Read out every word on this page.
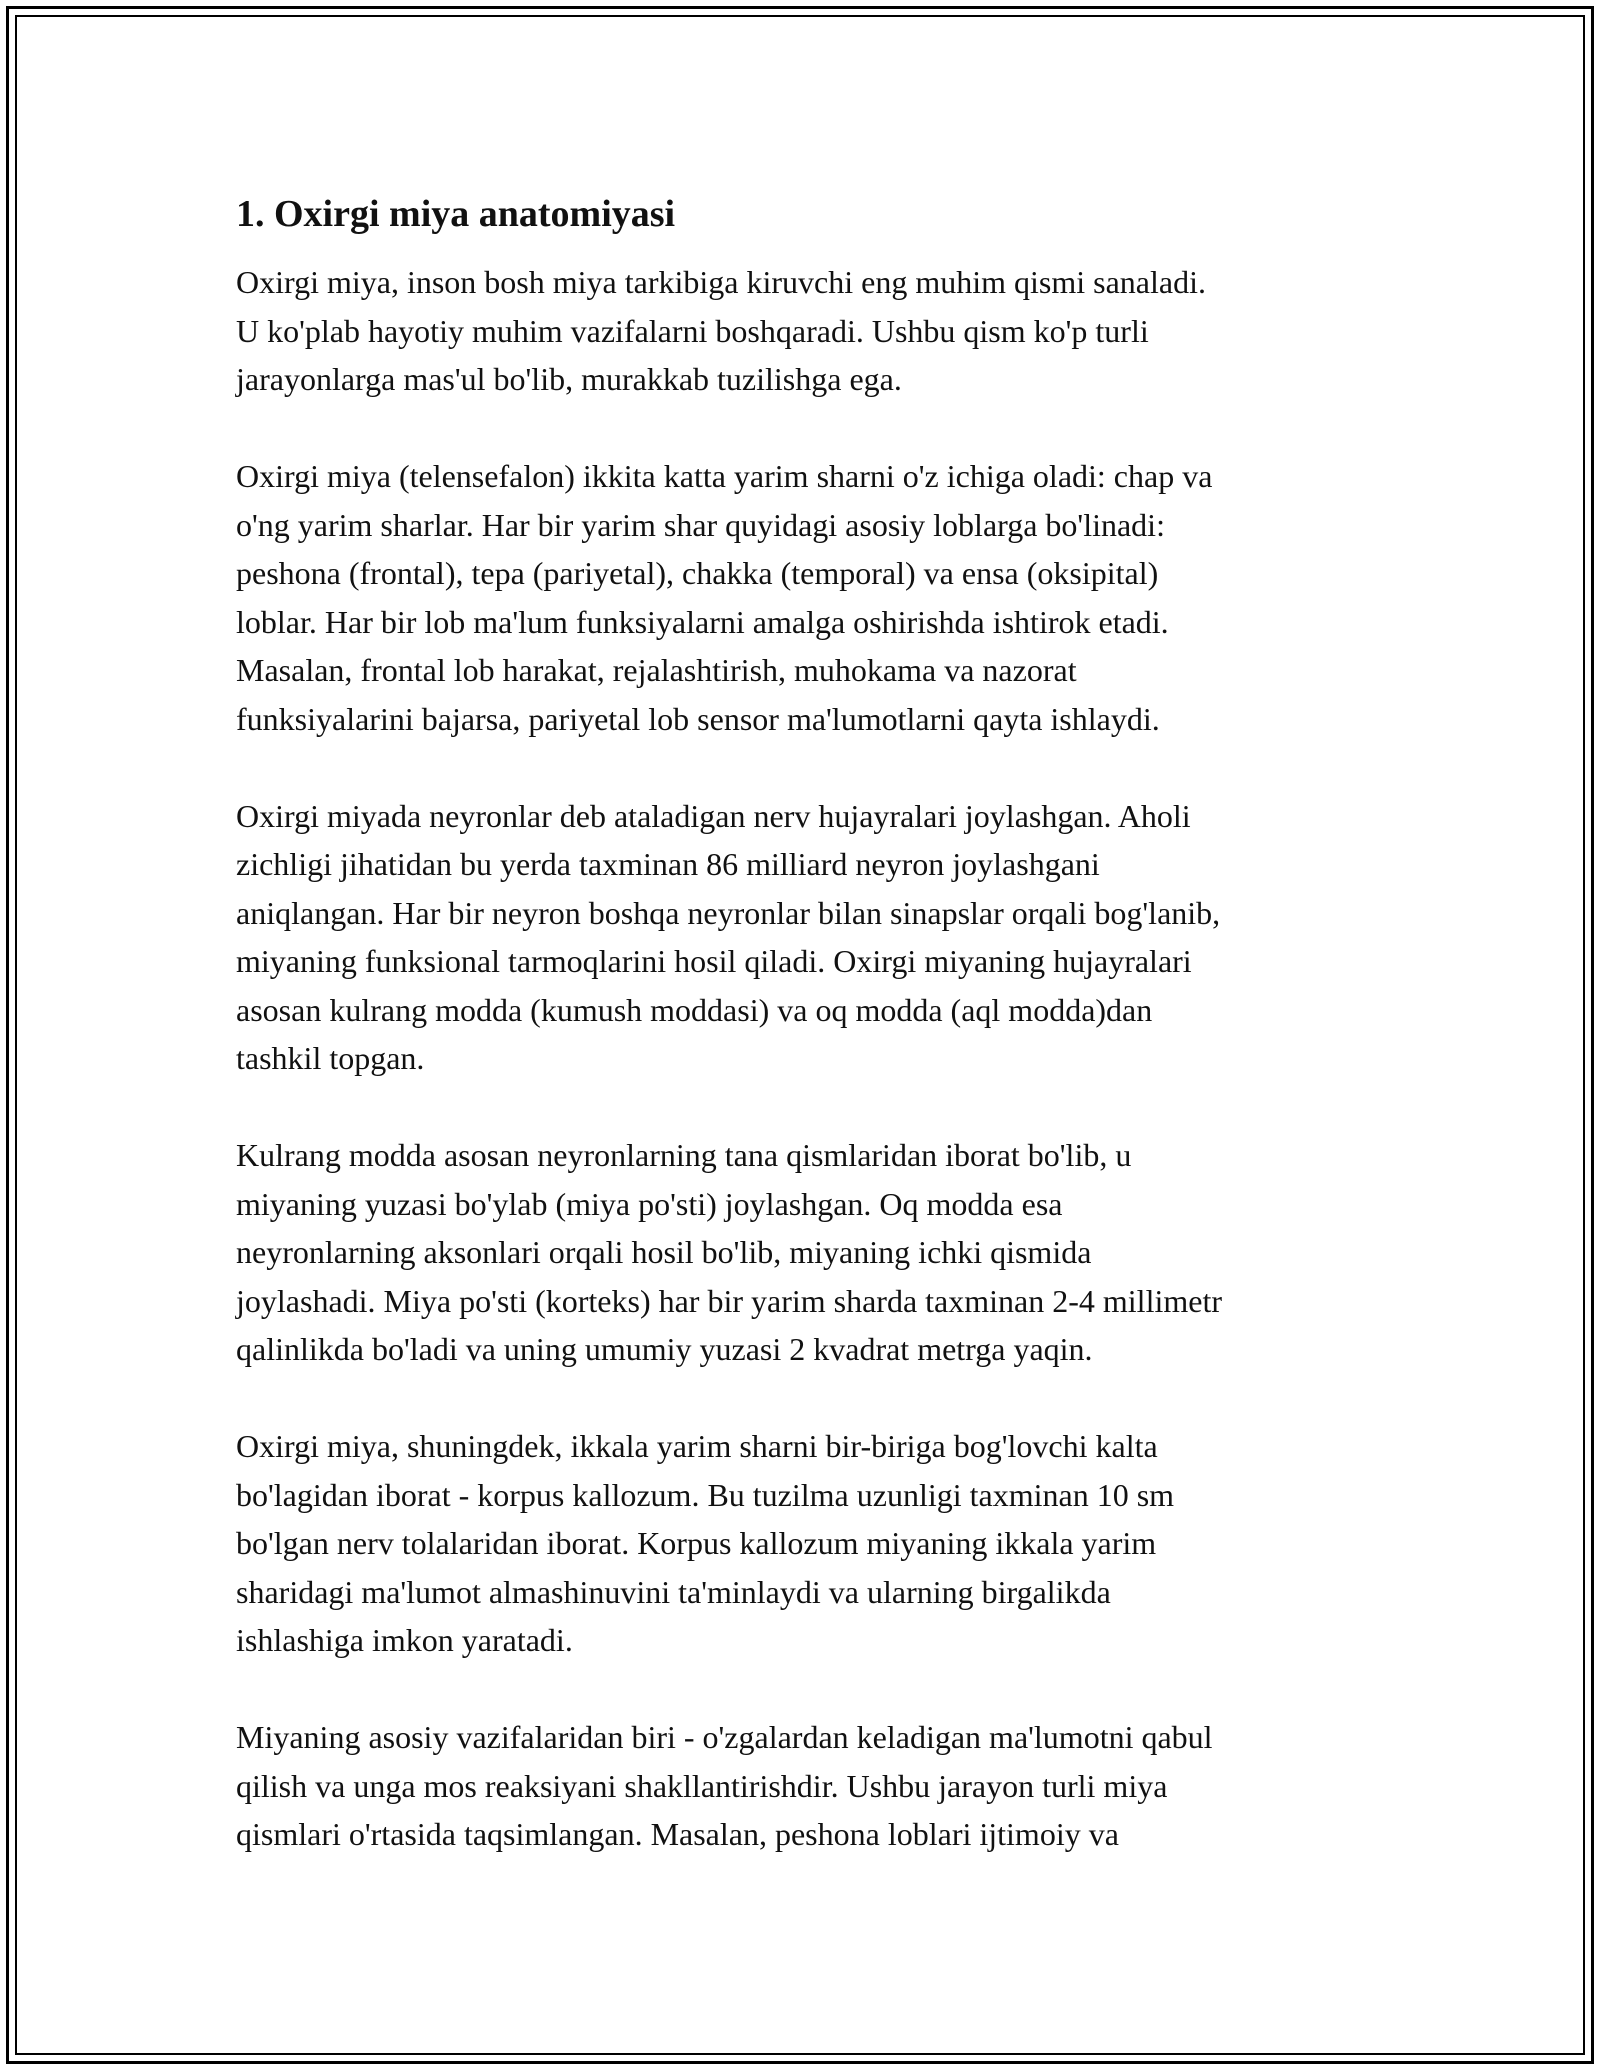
1. Oxirgi miya anatomiyasi
Oxirgi miya, inson bosh miya tarkibiga kiruvchi eng muhim qismi sanaladi.
U ko'plab hayotiy muhim vazifalarni boshqaradi. Ushbu qism ko'p turli
jarayonlarga mas'ul bo'lib, murakkab tuzilishga ega.
Oxirgi miya (telensefalon) ikkita katta yarim sharni o'z ichiga oladi: chap va
o'ng yarim sharlar. Har bir yarim shar quyidagi asosiy loblarga bo'linadi:
peshona (frontal), tepa (pariyetal), chakka (temporal) va ensa (oksipital)
loblar. Har bir lob ma'lum funksiyalarni amalga oshirishda ishtirok etadi.
Masalan, frontal lob harakat, rejalashtirish, muhokama va nazorat
funksiyalarini bajarsa, pariyetal lob sensor ma'lumotlarni qayta ishlaydi.
Oxirgi miyada neyronlar deb ataladigan nerv hujayralari joylashgan. Aholi
zichligi jihatidan bu yerda taxminan 86 milliard neyron joylashgani
aniqlangan. Har bir neyron boshqa neyronlar bilan sinapslar orqali bog'lanib,
miyaning funksional tarmoqlarini hosil qiladi. Oxirgi miyaning hujayralari
asosan kulrang modda (kumush moddasi) va oq modda (aql modda)dan
tashkil topgan.
Kulrang modda asosan neyronlarning tana qismlaridan iborat bo'lib, u
miyaning yuzasi bo'ylab (miya po'sti) joylashgan. Oq modda esa
neyronlarning aksonlari orqali hosil bo'lib, miyaning ichki qismida
joylashadi. Miya po'sti (korteks) har bir yarim sharda taxminan 2-4 millimetr
qalinlikda bo'ladi va uning umumiy yuzasi 2 kvadrat metrga yaqin.
Oxirgi miya, shuningdek, ikkala yarim sharni bir-biriga bog'lovchi kalta
bo'lagidan iborat - korpus kallozum. Bu tuzilma uzunligi taxminan 10 sm
bo'lgan nerv tolalaridan iborat. Korpus kallozum miyaning ikkala yarim
sharidagi ma'lumot almashinuvini ta'minlaydi va ularning birgalikda
ishlashiga imkon yaratadi.
Miyaning asosiy vazifalaridan biri - o'zgalardan keladigan ma'lumotni qabul
qilish va unga mos reaksiyani shakllantirishdir. Ushbu jarayon turli miya
qismlari o'rtasida taqsimlangan. Masalan, peshona loblari ijtimoiy va
